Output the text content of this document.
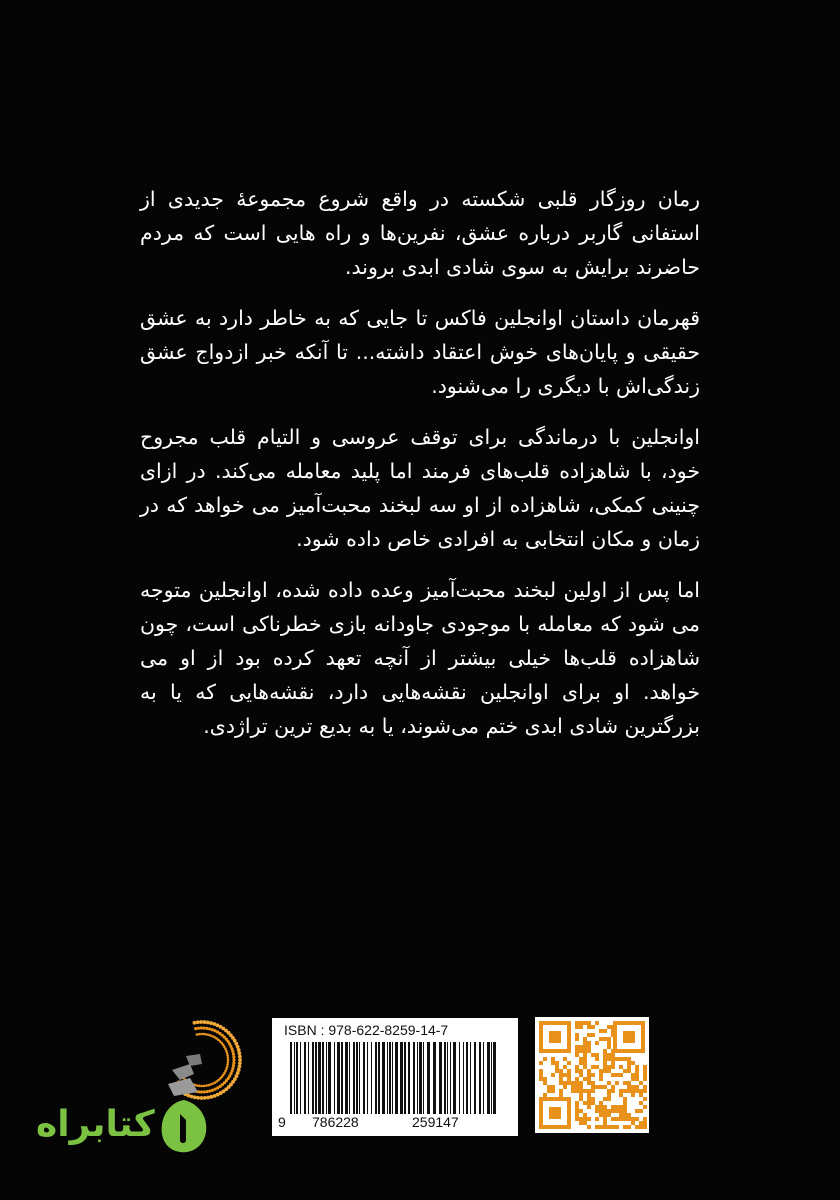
رمان روزگار قلبی شکسته در واقع شروع مجموعۀ جدیدی از استفانی گاربر درباره عشق، نفرین‌ها و راه هایی است که مردم حاضرند برایش به سوی شادی ابدی بروند.

قهرمان داستان اوانجلین فاکس تا جایی که به خاطر دارد به عشق حقیقی و پایان‌های خوش اعتقاد داشته... تا آنکه خبر ازدواج عشق زندگی‌اش با دیگری را می‌شنود.

اوانجلین با درماندگی برای توقف عروسی و التیام قلب مجروح خود، با شاهزاده قلب‌های فرمند اما پلید معامله می‌کند. در ازای چنینی کمکی، شاهزاده از او سه لبخند محبت‌آمیز می خواهد که در زمان و مکان انتخابی به افرادی خاص داده شود.

اما پس از اولین لبخند محبت‌آمیز وعده داده شده، اوانجلین متوجه می شود که معامله با موجودی جاودانه بازی خطرناکی است، چون شاهزاده قلب‌ها خیلی بیشتر از آنچه تعهد کرده بود از او می خواهد. او برای اوانجلین نقشه‌هایی دارد، نقشه‌هایی که یا به بزرگترین شادی ابدی ختم می‌شوند، یا به بدیع ترین تراژدی.

ISBN : 978-622-8259-14-7
9 786228	259147
کتابراه
